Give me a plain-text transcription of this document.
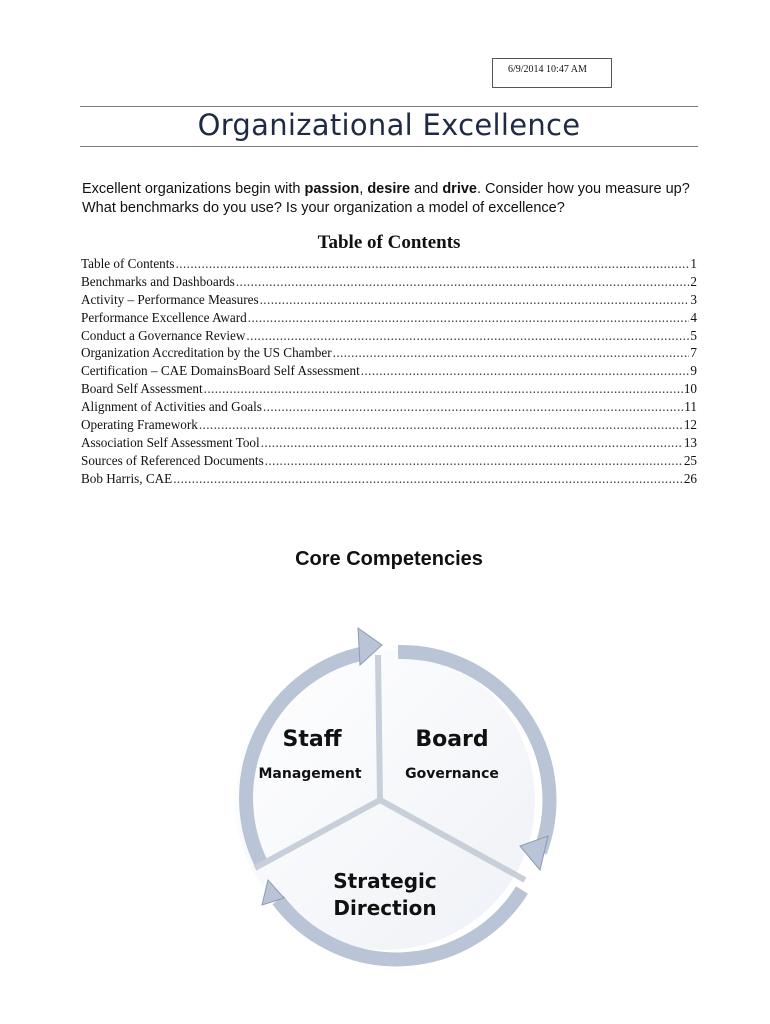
6/9/2014 10:47 AM
Organizational Excellence

Excellent organizations begin with passion, desire and drive. Consider how you measure up? What benchmarks do you use? Is your organization a model of excellence?

Table of Contents
Table of Contents .....	1
Benchmarks and Dashboards .....	2
Activity – Performance Measures .....	3
Performance Excellence Award .....	4
Conduct a Governance Review .....	5
Organization Accreditation by the US Chamber .....	7
Certification – CAE DomainsBoard Self Assessment .....	9
Board Self Assessment .....	10
Alignment of Activities and Goals .....	11
Operating Framework .....	12
Association Self Assessment Tool .....	13
Sources of Referenced Documents .....	25
Bob Harris, CAE .....	26
Core Competencies
Staff
Management
Board
Governance
Strategic
Direction
